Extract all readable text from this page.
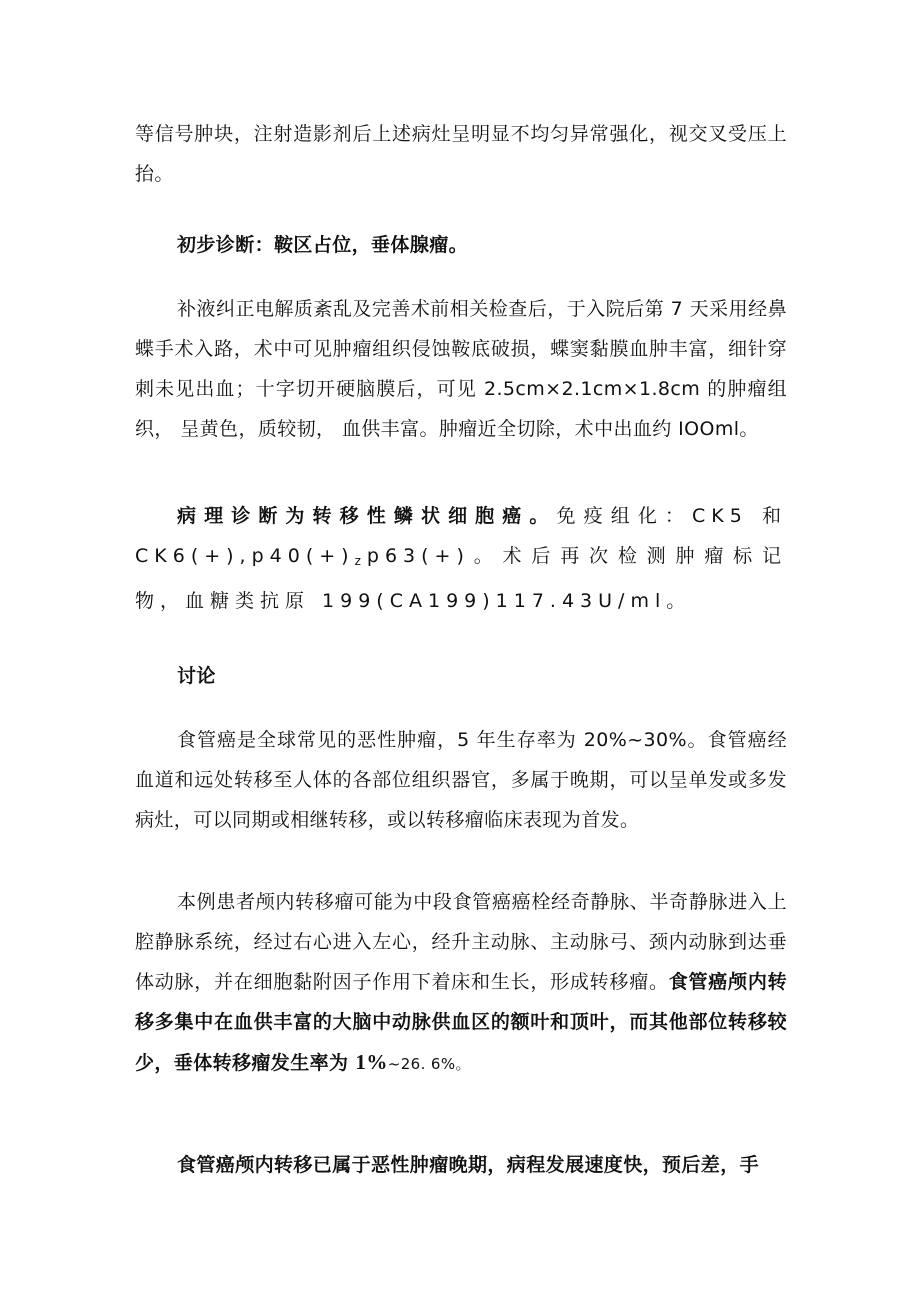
等信号肿块，注射造影剂后上述病灶呈明显不均匀异常强化，视交叉受压上抬。

初步诊断：鞍区占位，垂体腺瘤。

补液纠正电解质紊乱及完善术前相关检查后，于入院后第 7 天采用经鼻蝶手术入路，术中可见肿瘤组织侵蚀鞍底破损，蝶窦黏膜血肿丰富，细针穿刺未见出血；十字切开硬脑膜后，可见 2.5cm×2.1cm×1.8cm 的肿瘤组织， 呈黄色，质较韧， 血供丰富。肿瘤近全切除，术中出血约 IOOml。

病理诊断为转移性鳞状细胞癌。免疫组化：CK5 和 $CK6(+),p40(+)_zp63(+)$。术后再次检测肿瘤标记物，血糖类抗原 199(CA199)117.43U∕ml。

讨论

食管癌是全球常见的恶性肿瘤，5 年生存率为 20%~30%。食管癌经血道和远处转移至人体的各部位组织器官，多属于晚期，可以呈单发或多发病灶，可以同期或相继转移，或以转移瘤临床表现为首发。

本例患者颅内转移瘤可能为中段食管癌癌栓经奇静脉、半奇静脉进入上腔静脉系统，经过右心进入左心，经升主动脉、主动脉弓、颈内动脉到达垂体动脉，并在细胞黏附因子作用下着床和生长，形成转移瘤。食管癌颅内转移多集中在血供丰富的大脑中动脉供血区的额叶和顶叶，而其他部位转移较少，垂体转移瘤发生率为 1%~26. 6%。

食管癌颅内转移已属于恶性肿瘤晚期，病程发展速度快，预后差，手
